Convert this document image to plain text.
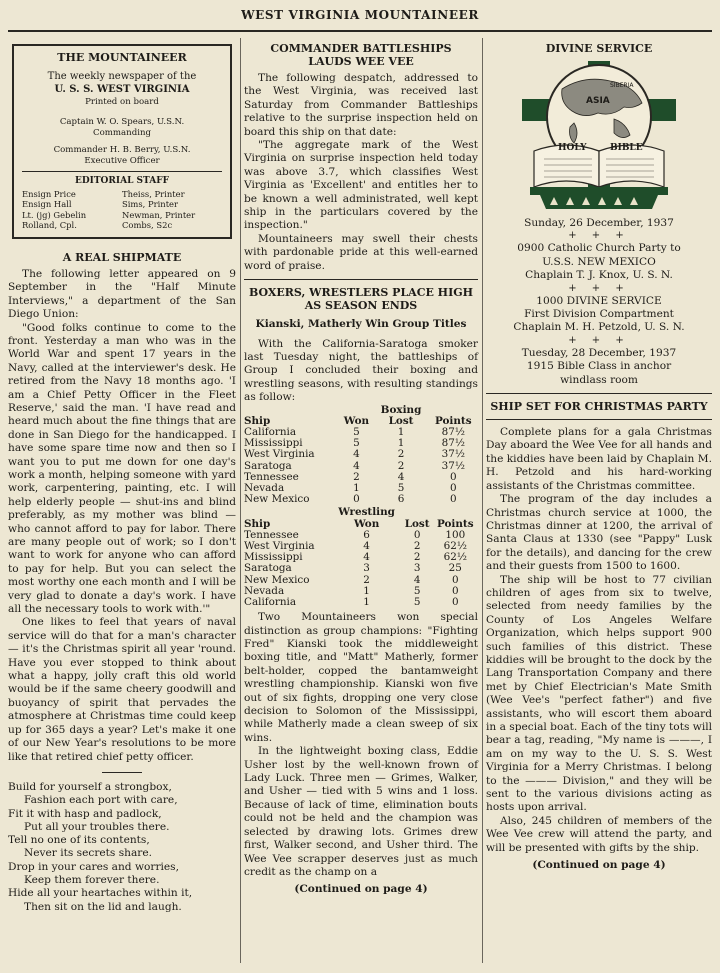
WEST VIRGINIA MOUNTAINEER
THE MOUNTAINEER
The weekly newspaper of the
U. S. S. WEST VIRGINIA
Printed on board
Captain W. O. Spears, U.S.N.
Commanding
Commander H. B. Berry, U.S.N.
Executive Officer
EDITORIAL STAFF
Ensign Price	Theiss, Printer
Ensign Hall	Sims, Printer
Lt. (jg) Gebelin	Newman, Printer
Rolland, Cpl.	Combs, S2c
A REAL SHIPMATE

The following letter appeared on 9 September in the "Half Minute Interviews," a department of the San Diego Union:

"Good folks continue to come to the front. Yesterday a man who was in the World War and spent 17 years in the Navy, called at the interviewer's desk. He retired from the Navy 18 months ago. 'I am a Chief Petty Officer in the Fleet Reserve,' said the man. 'I have read and heard much about the fine things that are done in San Diego for the handicapped. I have some spare time now and then so I want you to put me down for one day's work a month, helping someone with yard work, carpentering, painting, etc. I will help elderly people — shut-ins and blind preferably, as my mother was blind — who cannot afford to pay for labor. There are many people out of work; so I don't want to work for anyone who can afford to pay for help. But you can select the most worthy one each month and I will be very glad to donate a day's work. I have all the necessary tools to work with.'"

One likes to feel that years of naval service will do that for a man's character — it's the Christmas spirit all year 'round. Have you ever stopped to think about what a happy, jolly craft this old world would be if the same cheery goodwill and buoyancy of spirit that pervades the atmosphere at Christmas time could keep up for 365 days a year? Let's make it one of our New Year's resolutions to be more like that retired chief petty officer.

Build for yourself a strongbox,
Fashion each port with care,
Fit it with hasp and padlock,
Put all your troubles there.
Tell no one of its contents,
Never its secrets share.
Drop in your cares and worries,
Keep them forever there.
Hide all your heartaches within it,
Then sit on the lid and laugh.
COMMANDER BATTLESHIPS
LAUDS WEE VEE

The following despatch, addressed to the West Virginia, was received last Saturday from Commander Battleships relative to the surprise inspection held on board this ship on that date:

"The aggregate mark of the West Virginia on surprise inspection held today was above 3.7, which classifies West Virginia as 'Excellent' and entitles her to be known a well administrated, well kept ship in the particulars covered by the inspection."

Mountaineers may swell their chests with pardonable pride at this well-earned word of praise.

BOXERS, WRESTLERS PLACE HIGH
AS SEASON ENDS
Kianski, Matherly Win Group Titles

With the California-Saratoga smoker last Tuesday night, the battleships of Group I concluded their boxing and wrestling seasons, with resulting standings as follow:

		Boxing	
Ship	Won	Lost	Points
California	5	1	87½
Mississippi	5	1	87½
West Virginia	4	2	37½
Saratoga	4	2	37½
Tennessee	2	4	0
Nevada	1	5	0
New Mexico	0	6	0
	Wrestling		
Ship	Won	Lost	Points
Tennessee	6	0	100
West Virginia	4	2	62½
Mississippi	4	2	62½
Saratoga	3	3	25
New Mexico	2	4	0
Nevada	1	5	0
California	1	5	0

Two Mountaineers won special distinction as group champions: "Fighting Fred" Kianski took the middleweight boxing title, and "Matt" Matherly, former belt-holder, copped the bantamweight wrestling championship. Kianski won five out of six fights, dropping one very close decision to Solomon of the Mississippi, while Matherly made a clean sweep of six wins.

In the lightweight boxing class, Eddie Usher lost by the well-known frown of Lady Luck. Three men — Grimes, Walker, and Usher — tied with 5 wins and 1 loss. Because of lack of time, elimination bouts could not be held and the champion was selected by drawing lots. Grimes drew first, Walker second, and Usher third. The Wee Vee scrapper deserves just as much credit as the champ on a

(Continued on page 4)
DIVINE SERVICE
ASIA
SIBERIA
HOLY	BIBLE
Sunday, 26 December, 1937
+ + +
0900 Catholic Church Party to
U.S.S. NEW MEXICO
Chaplain T. J. Knox, U. S. N.
+ + +
1000 DIVINE SERVICE
First Division Compartment
Chaplain M. H. Petzold, U. S. N.
+ + +
Tuesday, 28 December, 1937
1915 Bible Class in anchor
windlass room
SHIP SET FOR CHRISTMAS PARTY

Complete plans for a gala Christmas Day aboard the Wee Vee for all hands and the kiddies have been laid by Chaplain M. H. Petzold and his hard-working assistants of the Christmas committee.

The program of the day includes a Christmas church service at 1000, the Christmas dinner at 1200, the arrival of Santa Claus at 1330 (see "Pappy" Lusk for the details), and dancing for the crew and their guests from 1500 to 1600.

The ship will be host to 77 civilian children of ages from six to twelve, selected from needy families by the County of Los Angeles Welfare Organization, which helps support 900 such families of this district. These kiddies will be brought to the dock by the Lang Transportation Company and there met by Chief Electrician's Mate Smith (Wee Vee's "perfect father") and five assistants, who will escort them aboard in a special boat. Each of the tiny tots will bear a tag, reading, "My name is ———, I am on my way to the U. S. S. West Virginia for a Merry Christmas. I belong to the ——— Division," and they will be sent to the various divisions acting as hosts upon arrival.

Also, 245 children of members of the Wee Vee crew will attend the party, and will be presented with gifts by the ship.

(Continued on page 4)
